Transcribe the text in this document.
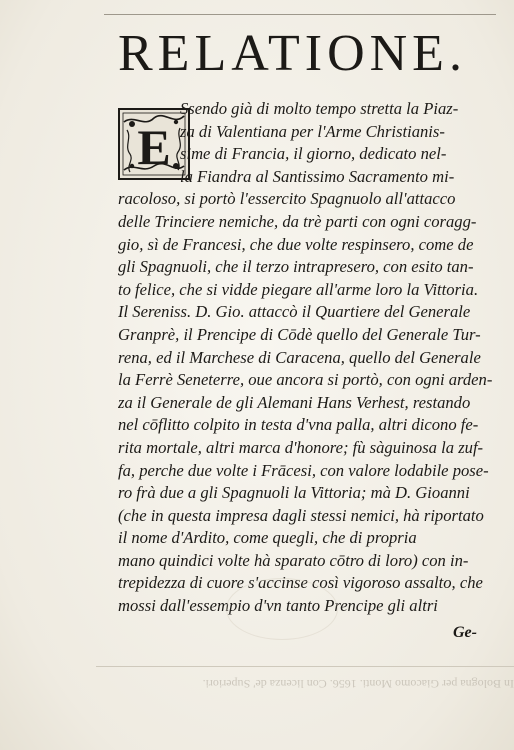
RELATIONE.
E
Ssendo già di molto tempo stretta la Piaz-
za di Valentiana per l'Arme Christianis-
sime di Francia, il giorno, dedicato nel-
la Fiandra al Santissimo Sacramento mi-
racoloso, si portò l'essercito Spagnuolo all'attacco
delle Trinciere nemiche, da trè parti con ogni coragg-
gio, sì de Francesi, che due volte respinsero, come de
gli Spagnuoli, che il terzo intrapresero, con esito tan-
to felice, che si vidde piegare all'arme loro la Vittoria.
Il Sereniss. D. Gio. attaccò il Quartiere del Generale
Granprè, il Prencipe di Cōdè quello del Generale Tur-
rena, ed il Marchese di Caracena, quello del Generale
la Ferrè Seneterre, oue ancora si portò, con ogni arden-
za il Generale de gli Alemani Hans Verhest, restando
nel cōflitto colpito in testa d'vna palla, altri dicono fe-
rita mortale, altri marca d'honore; fù sàguinosa la zuf-
fa, perche due volte i Frācesi, con valore lodabile pose-
ro frà due a gli Spagnuoli la Vittoria; mà D. Gioanni
(che in questa impresa dagli stessi nemici, hà riportato
il nome d'Ardito, come quegli, che di propria
mano quindici volte hà sparato cōtro di loro) con in-
trepidezza di cuore s'accinse così vigoroso assalto, che
mossi dall'essempio d'vn tanto Prencipe gli altri
Ge-
In Bologna per Giacomo Monti. 1656. Con licenza de' Superiori.
